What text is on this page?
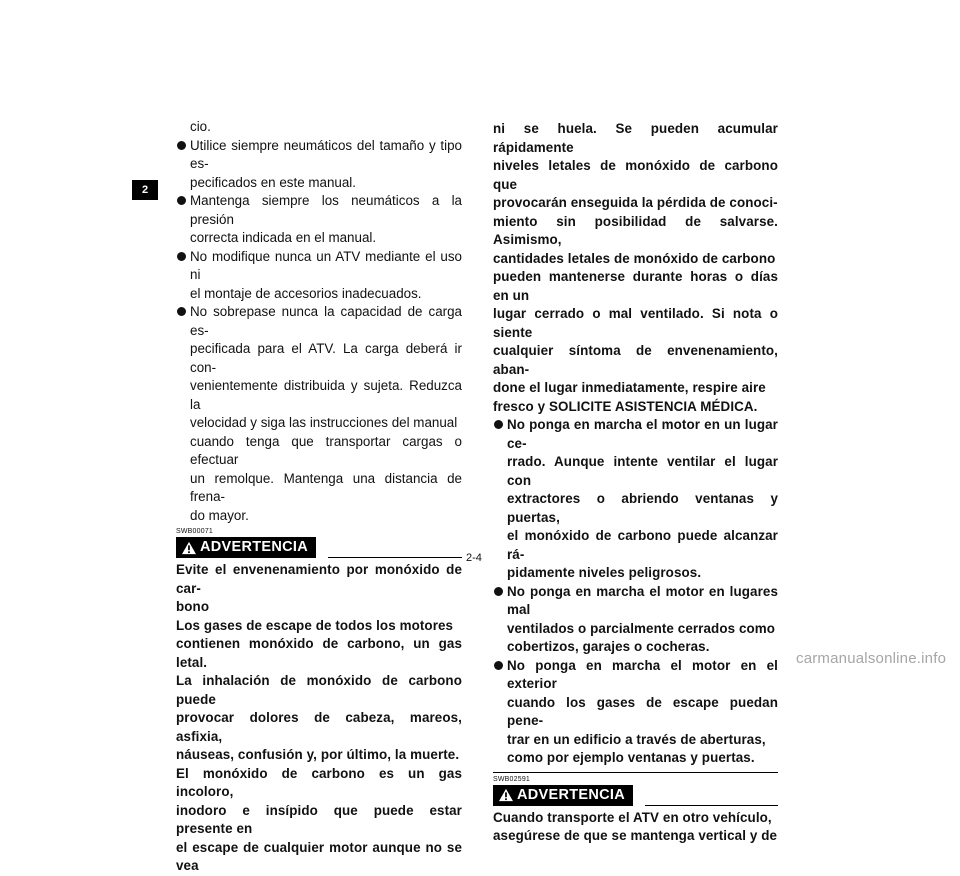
2

cio.

Utilice siempre neumáticos del tamaño y tipo es-
pecificados en este manual.
Mantenga siempre los neumáticos a la presión
correcta indicada en el manual.
No modifique nunca un ATV mediante el uso ni
el montaje de accesorios inadecuados.
No sobrepase nunca la capacidad de carga es-
pecificada para el ATV. La carga deberá ir con-
venientemente distribuida y sujeta. Reduzca la
velocidad y siga las instrucciones del manual
cuando tenga que transportar cargas o efectuar
un remolque. Mantenga una distancia de frena-
do mayor.
SWB00071
ADVERTENCIA
Evite el envenenamiento por monóxido de car-
bono
Los gases de escape de todos los motores
contienen monóxido de carbono, un gas letal.
La inhalación de monóxido de carbono puede
provocar dolores de cabeza, mareos, asfixia,
náuseas, confusión y, por último, la muerte.
El monóxido de carbono es un gas incoloro,
inodoro e insípido que puede estar presente en
el escape de cualquier motor aunque no se vea
ni se huela. Se pueden acumular rápidamente
niveles letales de monóxido de carbono que
provocarán enseguida la pérdida de conoci-
miento sin posibilidad de salvarse. Asimismo,
cantidades letales de monóxido de carbono
pueden mantenerse durante horas o días en un
lugar cerrado o mal ventilado. Si nota o siente
cualquier síntoma de envenenamiento, aban-
done el lugar inmediatamente, respire aire
fresco y SOLICITE ASISTENCIA MÉDICA.
No ponga en marcha el motor en un lugar ce-
rrado. Aunque intente ventilar el lugar con
extractores o abriendo ventanas y puertas,
el monóxido de carbono puede alcanzar rá-
pidamente niveles peligrosos.
No ponga en marcha el motor en lugares mal
ventilados o parcialmente cerrados como
cobertizos, garajes o cocheras.
No ponga en marcha el motor en el exterior
cuando los gases de escape puedan pene-
trar en un edificio a través de aberturas,
como por ejemplo ventanas y puertas.
SWB02591
ADVERTENCIA
Cuando transporte el ATV en otro vehículo,
asegúrese de que se mantenga vertical y de
2-4
carmanualsonline.info
